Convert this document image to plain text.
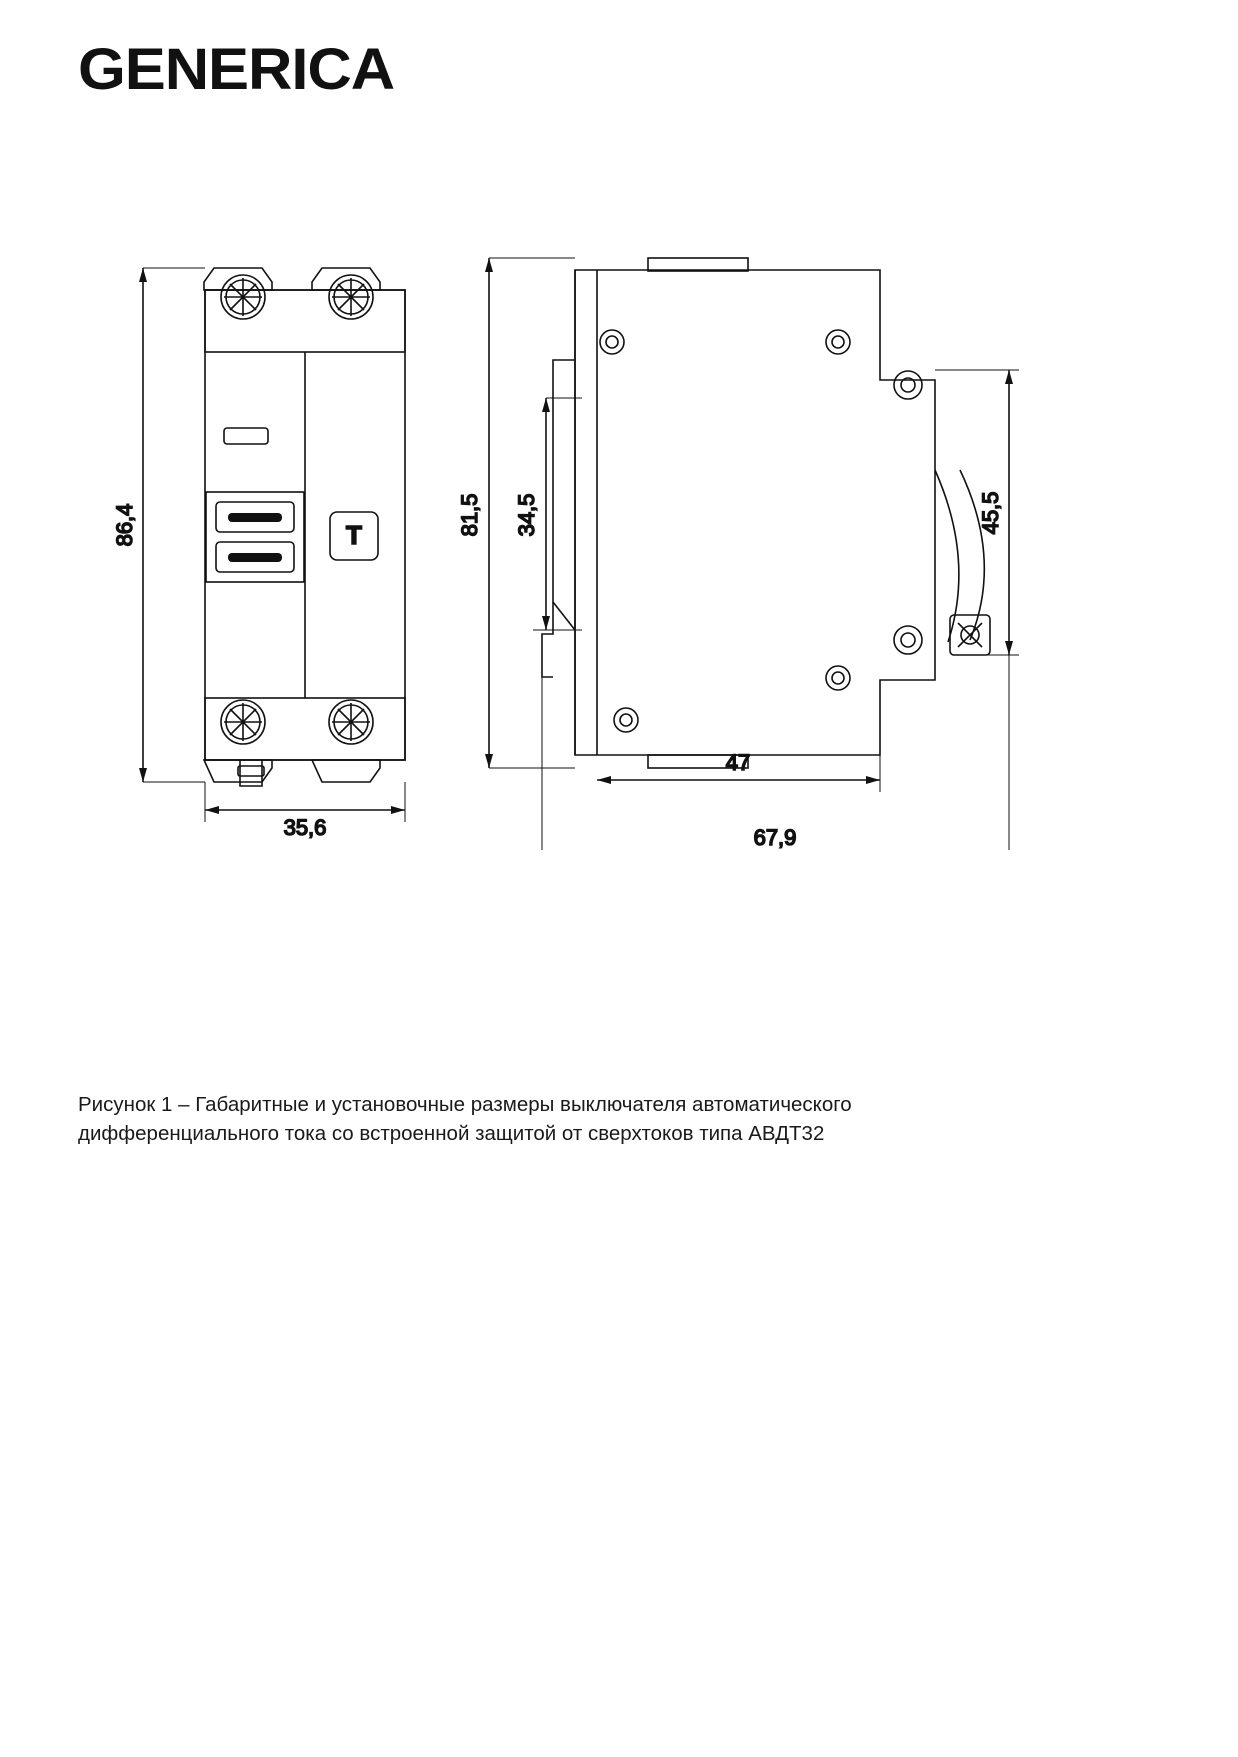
GENERICA
T
86,4
35,6
81,5 34,5	45,5
47
67,9
Рисунок 1 – Габаритные и установочные размеры выключателя автоматического
дифференциального тока со встроенной защитой от сверхтоков типа АВДТ32
